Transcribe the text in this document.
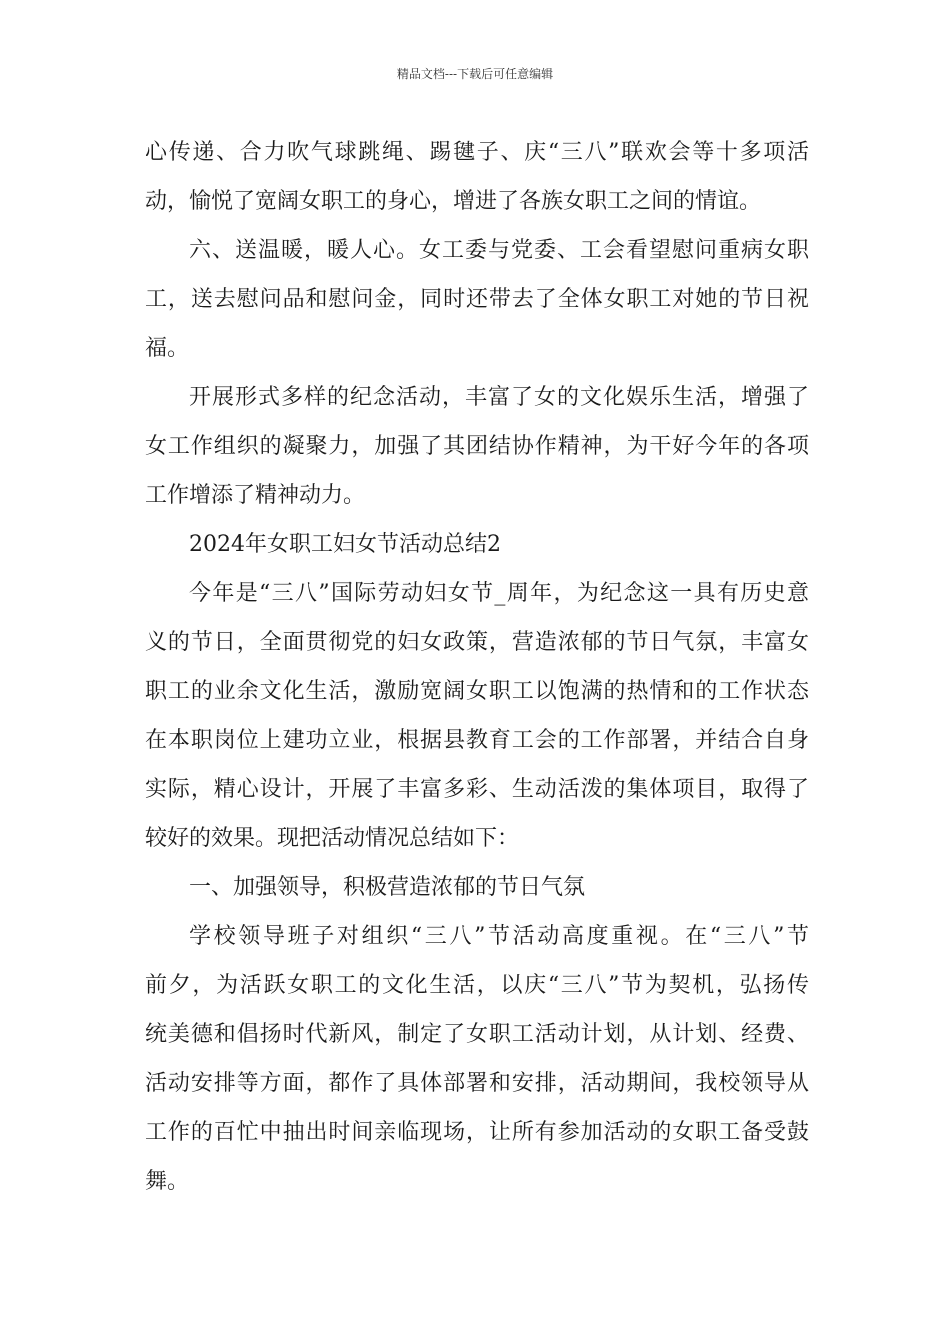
精品文档---下载后可任意编辑
心传递、合力吹气球跳绳、踢毽子、庆“三八”联欢会等十多项活
动，愉悦了宽阔女职工的身心，增进了各族女职工之间的情谊。
六、送温暖，暖人心。女工委与党委、工会看望慰问重病女职
工，送去慰问品和慰问金，同时还带去了全体女职工对她的节日祝
福。
开展形式多样的纪念活动，丰富了女的文化娱乐生活，增强了
女工作组织的凝聚力，加强了其团结协作精神，为干好今年的各项
工作增添了精神动力。
2024年女职工妇女节活动总结2
今年是“三八”国际劳动妇女节_周年，为纪念这一具有历史意
义的节日，全面贯彻党的妇女政策，营造浓郁的节日气氛，丰富女
职工的业余文化生活，激励宽阔女职工以饱满的热情和的工作状态
在本职岗位上建功立业，根据县教育工会的工作部署，并结合自身
实际，精心设计，开展了丰富多彩、生动活泼的集体项目，取得了
较好的效果。现把活动情况总结如下：
一、加强领导，积极营造浓郁的节日气氛
学校领导班子对组织“三八”节活动高度重视。在“三八”节
前夕，为活跃女职工的文化生活，以庆“三八”节为契机，弘扬传
统美德和倡扬时代新风，制定了女职工活动计划，从计划、经费、
活动安排等方面，都作了具体部署和安排，活动期间，我校领导从
工作的百忙中抽出时间亲临现场，让所有参加活动的女职工备受鼓
舞。
